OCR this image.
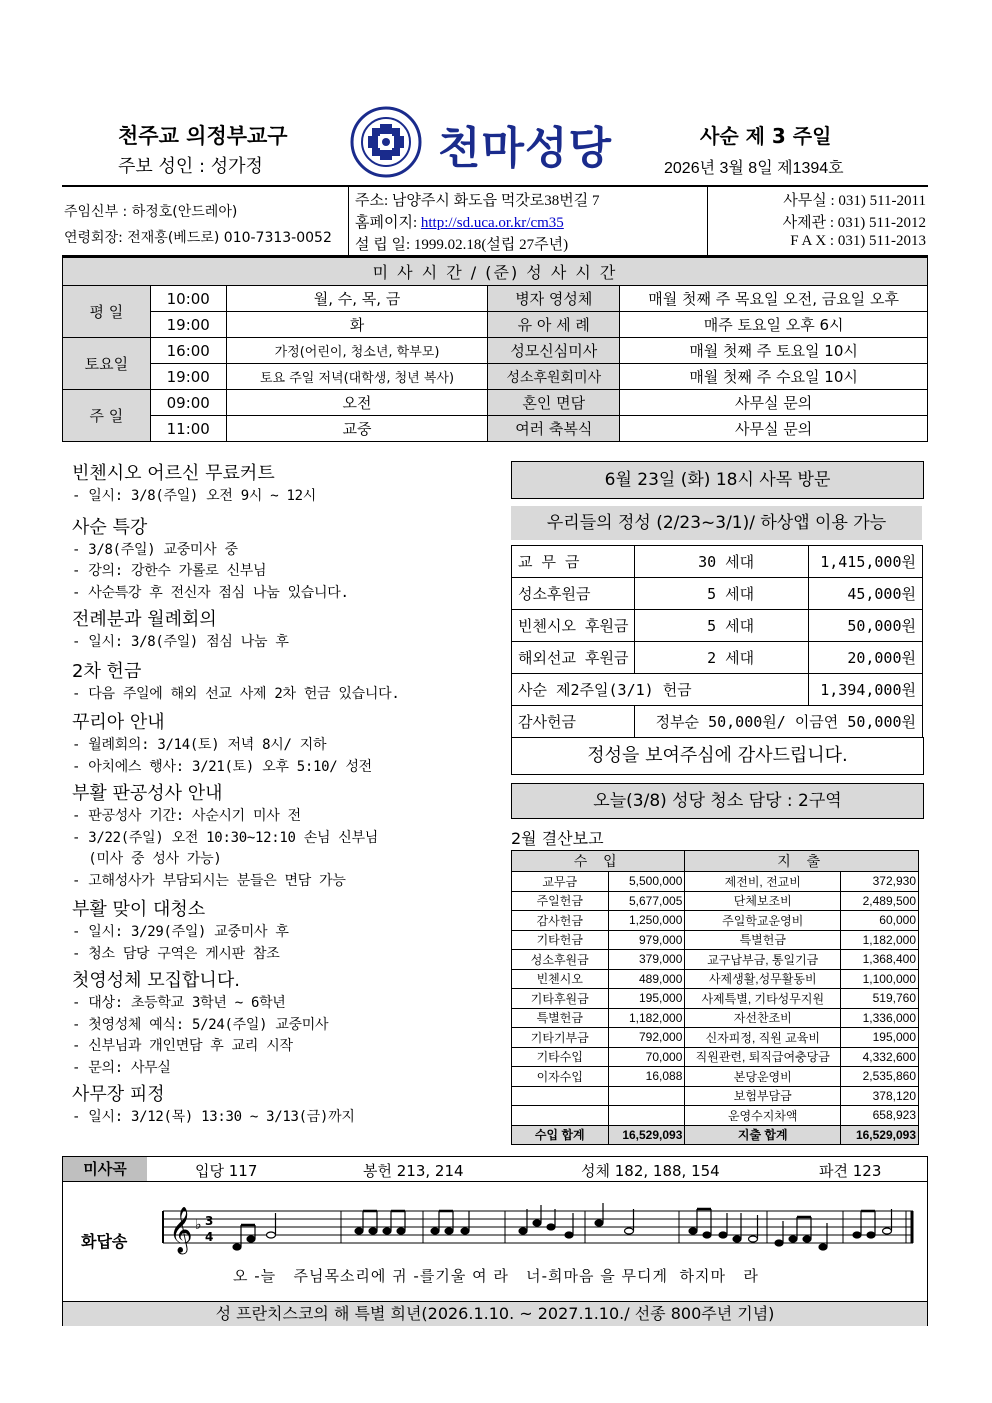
천주교 의정부교구
주보 성인 : 성가정	천마성당	사순 제 3 주일
2026년 3월 8일 제1394호
주임신부 : 하정호(안드레아)
연령회장: 전재홍(베드로) 010-7313-0052
주소: 남양주시 화도읍 먹갓로38번길 7
홈페이지: http://sd.uca.or.kr/cm35
설 립 일: 1999.02.18(설립 27주년)
사무실 : 031) 511-2011
사제관 : 031) 511-2012
F A X : 031) 511-2013
미 사 시 간 / (준) 성 사 시 간				
평 일	10:00	월, 수, 목, 금	병자 영성체	매월 첫째 주 목요일 오전, 금요일 오후
	19:00	화	유 아 세 례	매주 토요일 오후 6시
토요일	16:00	가정(어린이, 청소년, 학부모)	성모신심미사	매월 첫째 주 토요일 10시
	19:00	토요 주일 저녁(대학생, 청년 복사)	성소후원회미사	매월 첫째 주 수요일 10시
주 일	09:00	오전	혼인 면담	사무실 문의
	11:00	교중	여러 축복식	사무실 문의
빈첸시오 어르신 무료커트

- 일시: 3/8(주일) 오전 9시 ~ 12시

사순 특강

- 3/8(주일) 교중미사 중

- 강의: 강한수 가롤로 신부님

- 사순특강 후 전신자 점심 나눔 있습니다.

전례분과 월례회의

- 일시: 3/8(주일) 점심 나눔 후

2차 헌금

- 다음 주일에 해외 선교 사제 2차 헌금 있습니다.

꾸리아 안내

- 월례회의: 3/14(토) 저녁 8시/ 지하

- 아치에스 행사: 3/21(토) 오후 5:10/ 성전

부활 판공성사 안내

- 판공성사 기간: 사순시기 미사 전

- 3/22(주일) 오전 10:30~12:10 손님 신부님

(미사 중 성사 가능)

- 고해성사가 부담되시는 분들은 면담 가능

부활 맞이 대청소

- 일시: 3/29(주일) 교중미사 후

- 청소 담당 구역은 게시판 참조

첫영성체 모집합니다.

- 대상: 초등학교 3학년 ~ 6학년

- 첫영성체 예식: 5/24(주일) 교중미사

- 신부님과 개인면담 후 교리 시작

- 문의: 사무실

사무장 피정

- 일시: 3/12(목) 13:30 ~ 3/13(금)까지

6월 23일 (화) 18시 사목 방문
우리들의 정성 (2/23~3/1)/ 하상앱 이용 가능
교 무 금	30 세대	1,415,000원
성소후원금	5 세대	45,000원
빈첸시오 후원금	5 세대	50,000원
해외선교 후원금	2 세대	20,000원
사순 제2주일(3/1) 헌금		1,394,000원
감사헌금	정부순 50,000원/ 이금연 50,000원	
정성을 보여주심에 감사드립니다.
오늘(3/8) 성당 청소 담당 : 2구역
2월 결산보고
수 입		지 출	
교무금	5,500,000	제전비, 전교비	372,930
주일헌금	5,677,005	단체보조비	2,489,500
감사헌금	1,250,000	주일학교운영비	60,000
기타헌금	979,000	특별헌금	1,182,000
성소후원금	379,000	교구납부금, 통일기금	1,368,400
빈첸시오	489,000	사제생활,성무활동비	1,100,000
기타후원금	195,000	사제특별, 기타성무지원	519,760
특별헌금	1,182,000	자선찬조비	1,336,000
기타기부금	792,000	신자피정, 직원 교육비	195,000
기타수입	70,000	직원관련, 퇴직급여충당금	4,332,600
이자수입	16,088	본당운영비	2,535,860
		보험부담금	378,120
		운영수지차액	658,923
수입 합계	16,529,093	지출 합계	16,529,093
미사곡	입당 117	봉헌 213, 214	성체 182, 188, 154	파견 123
화답송 𝄞 ♭ 3
4
오 -늘   주님목소리에 귀 -를기울 여 라   너-희마음 을 무디게  하지마   라
성 프란치스코의 해 특별 희년(2026.1.10. ~ 2027.1.10./ 선종 800주년 기념)
